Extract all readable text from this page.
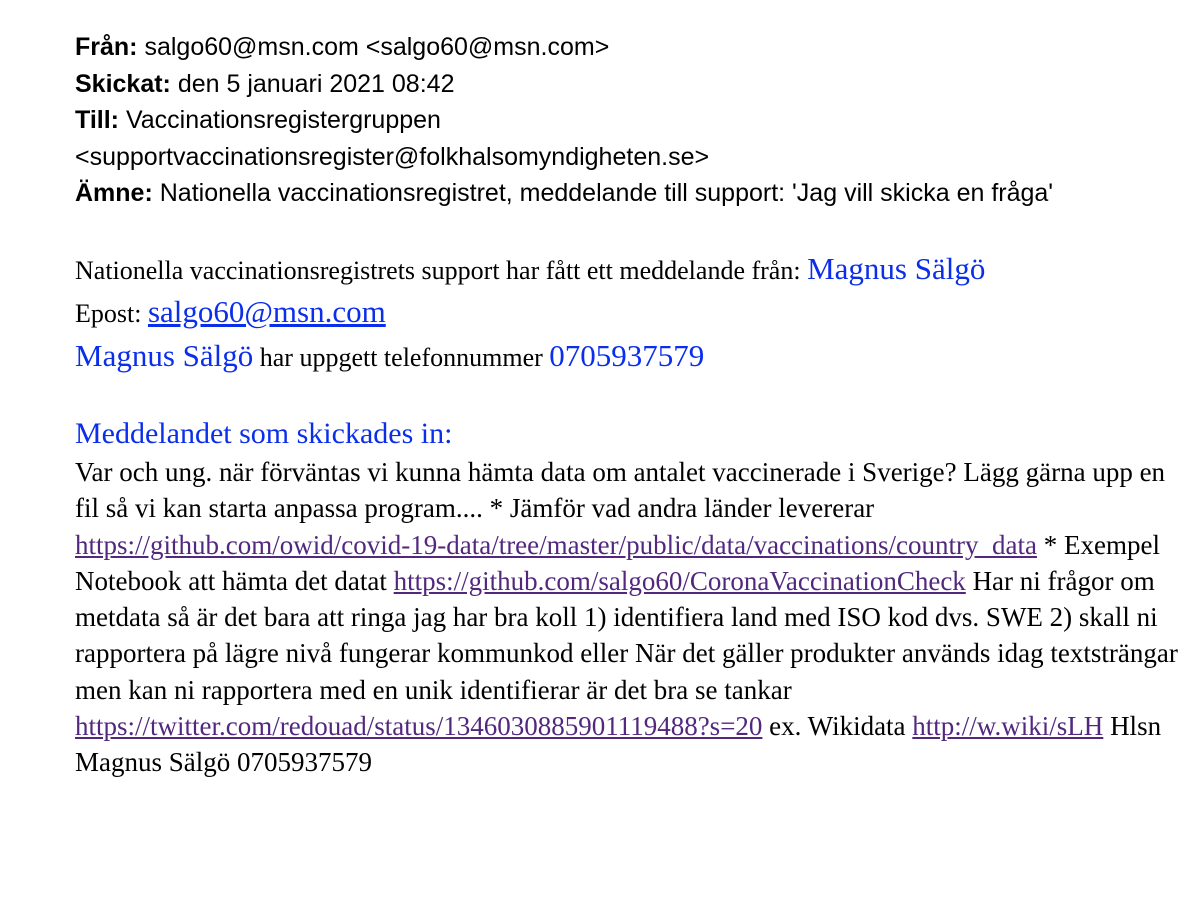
Från: salgo60@msn.com <salgo60@msn.com>
Skickat: den 5 januari 2021 08:42
Till: Vaccinationsregistergruppen
<supportvaccinationsregister@folkhalsomyndigheten.se>
Ämne: Nationella vaccinationsregistret, meddelande till support: 'Jag vill skicka en fråga'
Nationella vaccinationsregistrets support har fått ett meddelande från: Magnus Sälgö
Epost: salgo60@msn.com
Magnus Sälgö har uppgett telefonnummer 0705937579
Meddelandet som skickades in:
Var och ung. när förväntas vi kunna hämta data om antalet vaccinerade i Sverige? Lägg gärna upp en fil så vi kan starta anpassa program.... * Jämför vad andra länder levererar https://github.com/owid/covid-19-data/tree/master/public/data/vaccinations/country_data * Exempel Notebook att hämta det datat https://github.com/salgo60/CoronaVaccinationCheck Har ni frågor om metdata så är det bara att ringa jag har bra koll 1) identifiera land med ISO kod dvs. SWE 2) skall ni rapportera på lägre nivå fungerar kommunkod eller När det gäller produkter används idag textsträngar men kan ni rapportera med en unik identifierar är det bra se tankar https://twitter.com/redouad/status/1346030885901119488?s=20 ex. Wikidata http://w.wiki/sLH Hlsn Magnus Sälgö 0705937579
